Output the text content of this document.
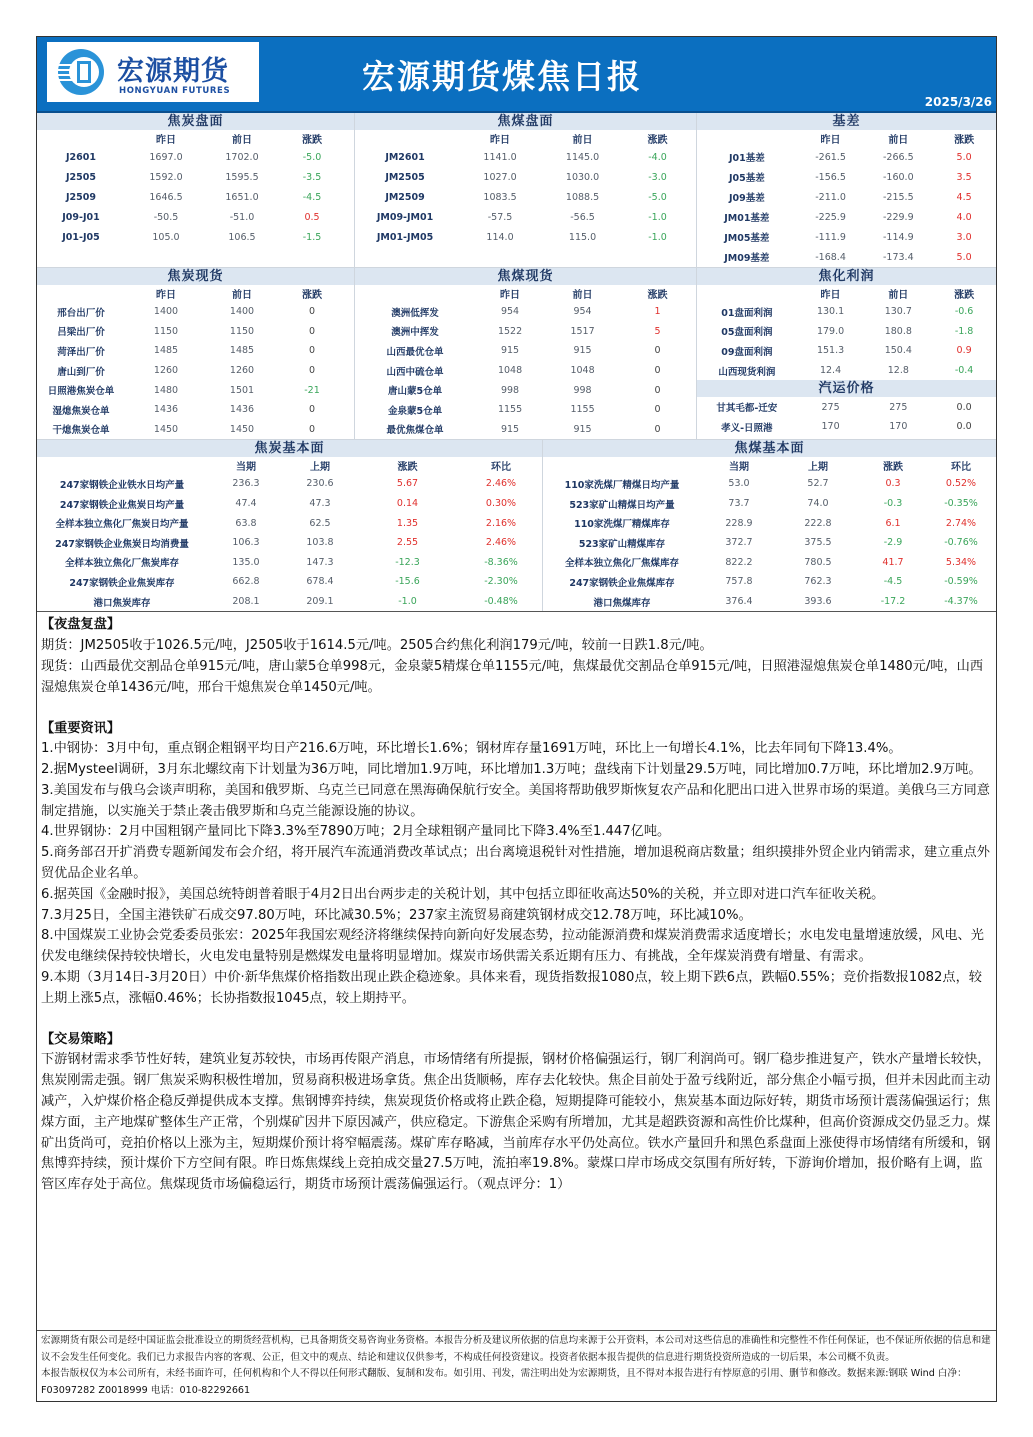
宏源期货
HONGYUAN FUTURES	宏源期货煤焦日报
2025/3/26
焦炭盘面
昨日	前日	涨跌
J2601	1697.0	1702.0	-5.0
J2505	1592.0	1595.5	-3.5
J2509	1646.5	1651.0	-4.5
J09-J01	-50.5	-51.0	0.5
J01-J05	105.0	106.5	-1.5
焦煤盘面
昨日	前日	涨跌
JM2601	1141.0	1145.0	-4.0
JM2505	1027.0	1030.0	-3.0
JM2509	1083.5	1088.5	-5.0
JM09-JM01	-57.5	-56.5	-1.0
JM01-JM05	114.0	115.0	-1.0
基差
昨日	前日	涨跌
J01基差	-261.5	-266.5	5.0
J05基差	-156.5	-160.0	3.5
J09基差	-211.0	-215.5	4.5
JM01基差	-225.9	-229.9	4.0
JM05基差	-111.9	-114.9	3.0
JM09基差	-168.4	-173.4	5.0
焦炭现货
昨日	前日	涨跌
邢台出厂价	1400	1400	0
吕梁出厂价	1150	1150	0
菏泽出厂价	1485	1485	0
唐山到厂价	1260	1260	0
日照港焦炭仓单	1480	1501	-21
湿熄焦炭仓单	1436	1436	0
干熄焦炭仓单	1450	1450	0
焦煤现货
昨日	前日	涨跌
澳洲低挥发	954	954	1
澳洲中挥发	1522	1517	5
山西最优仓单	915	915	0
山西中硫仓单	1048	1048	0
唐山蒙5仓单	998	998	0
金泉蒙5仓单	1155	1155	0
最优焦煤仓单	915	915	0
焦化利润
昨日	前日	涨跌
01盘面利润	130.1	130.7	-0.6
05盘面利润	179.0	180.8	-1.8
09盘面利润	151.3	150.4	0.9
山西现货利润	12.4	12.8	-0.4
汽运价格
甘其毛都-迁安	275	275	0.0
孝义-日照港	170	170	0.0
焦炭基本面
当期	上期	涨跌	环比
247家钢铁企业铁水日均产量	236.3	230.6	5.67	2.46%
247家钢铁企业焦炭日均产量	47.4	47.3	0.14	0.30%
全样本独立焦化厂焦炭日均产量	63.8	62.5	1.35	2.16%
247家钢铁企业焦炭日均消费量	106.3	103.8	2.55	2.46%
全样本独立焦化厂焦炭库存	135.0	147.3	-12.3	-8.36%
247家钢铁企业焦炭库存	662.8	678.4	-15.6	-2.30%
港口焦炭库存	208.1	209.1	-1.0	-0.48%
焦煤基本面
当期	上期	涨跌	环比
110家洗煤厂精煤日均产量	53.0	52.7	0.3	0.52%
523家矿山精煤日均产量	73.7	74.0	-0.3	-0.35%
110家洗煤厂精煤库存	228.9	222.8	6.1	2.74%
523家矿山精煤库存	372.7	375.5	-2.9	-0.76%
全样本独立焦化厂焦煤库存	822.2	780.5	41.7	5.34%
247家钢铁企业焦煤库存	757.8	762.3	-4.5	-0.59%
港口焦煤库存	376.4	393.6	-17.2	-4.37%

【夜盘复盘】

期货：JM2505收于1026.5元/吨，J2505收于1614.5元/吨。2505合约焦化利润179元/吨，较前一日跌1.8元/吨。

现货：山西最优交割品仓单915元/吨，唐山蒙5仓单998元，金泉蒙5精煤仓单1155元/吨，焦煤最优交割品仓单915元/吨，日照港湿熄焦炭仓单1480元/吨，山西湿熄焦炭仓单1436元/吨，邢台干熄焦炭仓单1450元/吨。

【重要资讯】

1.中钢协：3月中旬，重点钢企粗钢平均日产216.6万吨，环比增长1.6%；钢材库存量1691万吨，环比上一旬增长4.1%，比去年同旬下降13.4%。

2.据Mysteel调研，3月东北螺纹南下计划量为36万吨，同比增加1.9万吨，环比增加1.3万吨；盘线南下计划量29.5万吨，同比增加0.7万吨，环比增加2.9万吨。

3.美国发布与俄乌会谈声明称，美国和俄罗斯、乌克兰已同意在黑海确保航行安全。美国将帮助俄罗斯恢复农产品和化肥出口进入世界市场的渠道。美俄乌三方同意制定措施，以实施关于禁止袭击俄罗斯和乌克兰能源设施的协议。

4.世界钢协：2月中国粗钢产量同比下降3.3%至7890万吨；2月全球粗钢产量同比下降3.4%至1.447亿吨。

5.商务部召开扩消费专题新闻发布会介绍，将开展汽车流通消费改革试点；出台离境退税针对性措施，增加退税商店数量；组织摸排外贸企业内销需求，建立重点外贸优品企业名单。

6.据英国《金融时报》，美国总统特朗普着眼于4月2日出台两步走的关税计划，其中包括立即征收高达50%的关税，并立即对进口汽车征收关税。

7.3月25日，全国主港铁矿石成交97.80万吨，环比减30.5%；237家主流贸易商建筑钢材成交12.78万吨，环比减10%。

8.中国煤炭工业协会党委委员张宏：2025年我国宏观经济将继续保持向新向好发展态势，拉动能源消费和煤炭消费需求适度增长；水电发电量增速放缓，风电、光伏发电继续保持较快增长，火电发电量特别是燃煤发电量将明显增加。煤炭市场供需关系近期有压力、有挑战，全年煤炭消费有增量、有需求。

9.本期（3月14日-3月20日）中价·新华焦煤价格指数出现止跌企稳迹象。具体来看，现货指数报1080点，较上期下跌6点，跌幅0.55%；竞价指数报1082点，较上期上涨5点，涨幅0.46%；长协指数报1045点，较上期持平。

【交易策略】

下游钢材需求季节性好转，建筑业复苏较快，市场再传限产消息，市场情绪有所提振，钢材价格偏强运行，钢厂利润尚可。钢厂稳步推进复产，铁水产量增长较快，焦炭刚需走强。钢厂焦炭采购积极性增加，贸易商积极进场拿货。焦企出货顺畅，库存去化较快。焦企目前处于盈亏线附近，部分焦企小幅亏损，但并未因此而主动减产，入炉煤价格企稳反弹提供成本支撑。焦钢博弈持续，焦炭现货价格或将止跌企稳，短期提降可能较小，焦炭基本面边际好转，期货市场预计震荡偏强运行；焦煤方面，主产地煤矿整体生产正常，个别煤矿因井下原因减产，供应稳定。下游焦企采购有所增加，尤其是超跌资源和高性价比煤种，但高价资源成交仍显乏力。煤矿出货尚可，竞拍价格以上涨为主，短期煤价预计将窄幅震荡。煤矿库存略减，当前库存水平仍处高位。铁水产量回升和黑色系盘面上涨使得市场情绪有所缓和，钢焦博弈持续，预计煤价下方空间有限。昨日炼焦煤线上竞拍成交量27.5万吨，流拍率19.8%。蒙煤口岸市场成交氛围有所好转，下游询价增加，报价略有上调，监管区库存处于高位。焦煤现货市场偏稳运行，期货市场预计震荡偏强运行。（观点评分：1）

宏源期货有限公司是经中国证监会批准设立的期货经营机构，已具备期货交易咨询业务资格。本报告分析及建议所依据的信息均来源于公开资料，本公司对这些信息的准确性和完整性不作任何保证，也不保证所依据的信息和建议不会发生任何变化。我们已力求报告内容的客观、公正，但文中的观点、结论和建议仅供参考，不构成任何投资建议。投资者依据本报告提供的信息进行期货投资所造成的一切后果，本公司概不负责。

本报告版权仅为本公司所有，未经书面许可，任何机构和个人不得以任何形式翻版、复制和发布。如引用、刊发，需注明出处为宏源期货，且不得对本报告进行有悖原意的引用、删节和修改。数据来源:钢联 Wind 白净：F03097282 Z0018999 电话：010-82292661
